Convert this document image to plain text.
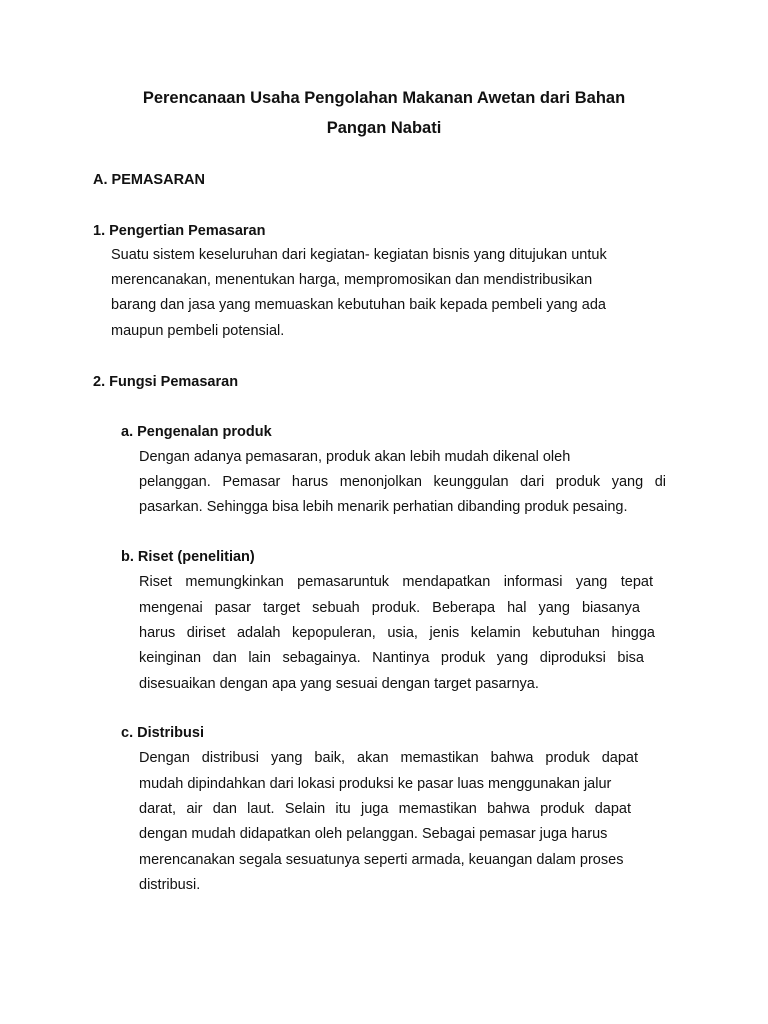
Perencanaan Usaha Pengolahan Makanan Awetan dari Bahan
Pangan Nabati
A. PEMASARAN
1. Pengertian Pemasaran
Suatu sistem keseluruhan dari kegiatan- kegiatan bisnis yang ditujukan untuk
merencanakan, menentukan harga, mempromosikan dan mendistribusikan
barang dan jasa yang memuaskan kebutuhan baik kepada pembeli yang ada
maupun pembeli potensial.
2. Fungsi Pemasaran
a. Pengenalan produk
Dengan adanya pemasaran, produk akan lebih mudah dikenal oleh
pelanggan. Pemasar harus menonjolkan keunggulan dari produk yang di
pasarkan. Sehingga bisa lebih menarik perhatian dibanding produk pesaing.
b. Riset (penelitian)
Riset memungkinkan pemasaruntuk mendapatkan informasi yang tepat
mengenai pasar target sebuah produk. Beberapa hal yang biasanya
harus diriset adalah kepopuleran, usia, jenis kelamin kebutuhan hingga
keinginan dan lain sebagainya. Nantinya produk yang diproduksi bisa
disesuaikan dengan apa yang sesuai dengan target pasarnya.
c. Distribusi
Dengan distribusi yang baik, akan memastikan bahwa produk dapat
mudah dipindahkan dari lokasi produksi ke pasar luas menggunakan jalur
darat, air dan laut. Selain itu juga memastikan bahwa produk dapat
dengan mudah didapatkan oleh pelanggan. Sebagai pemasar juga harus
merencanakan segala sesuatunya seperti armada, keuangan dalam proses
distribusi.
